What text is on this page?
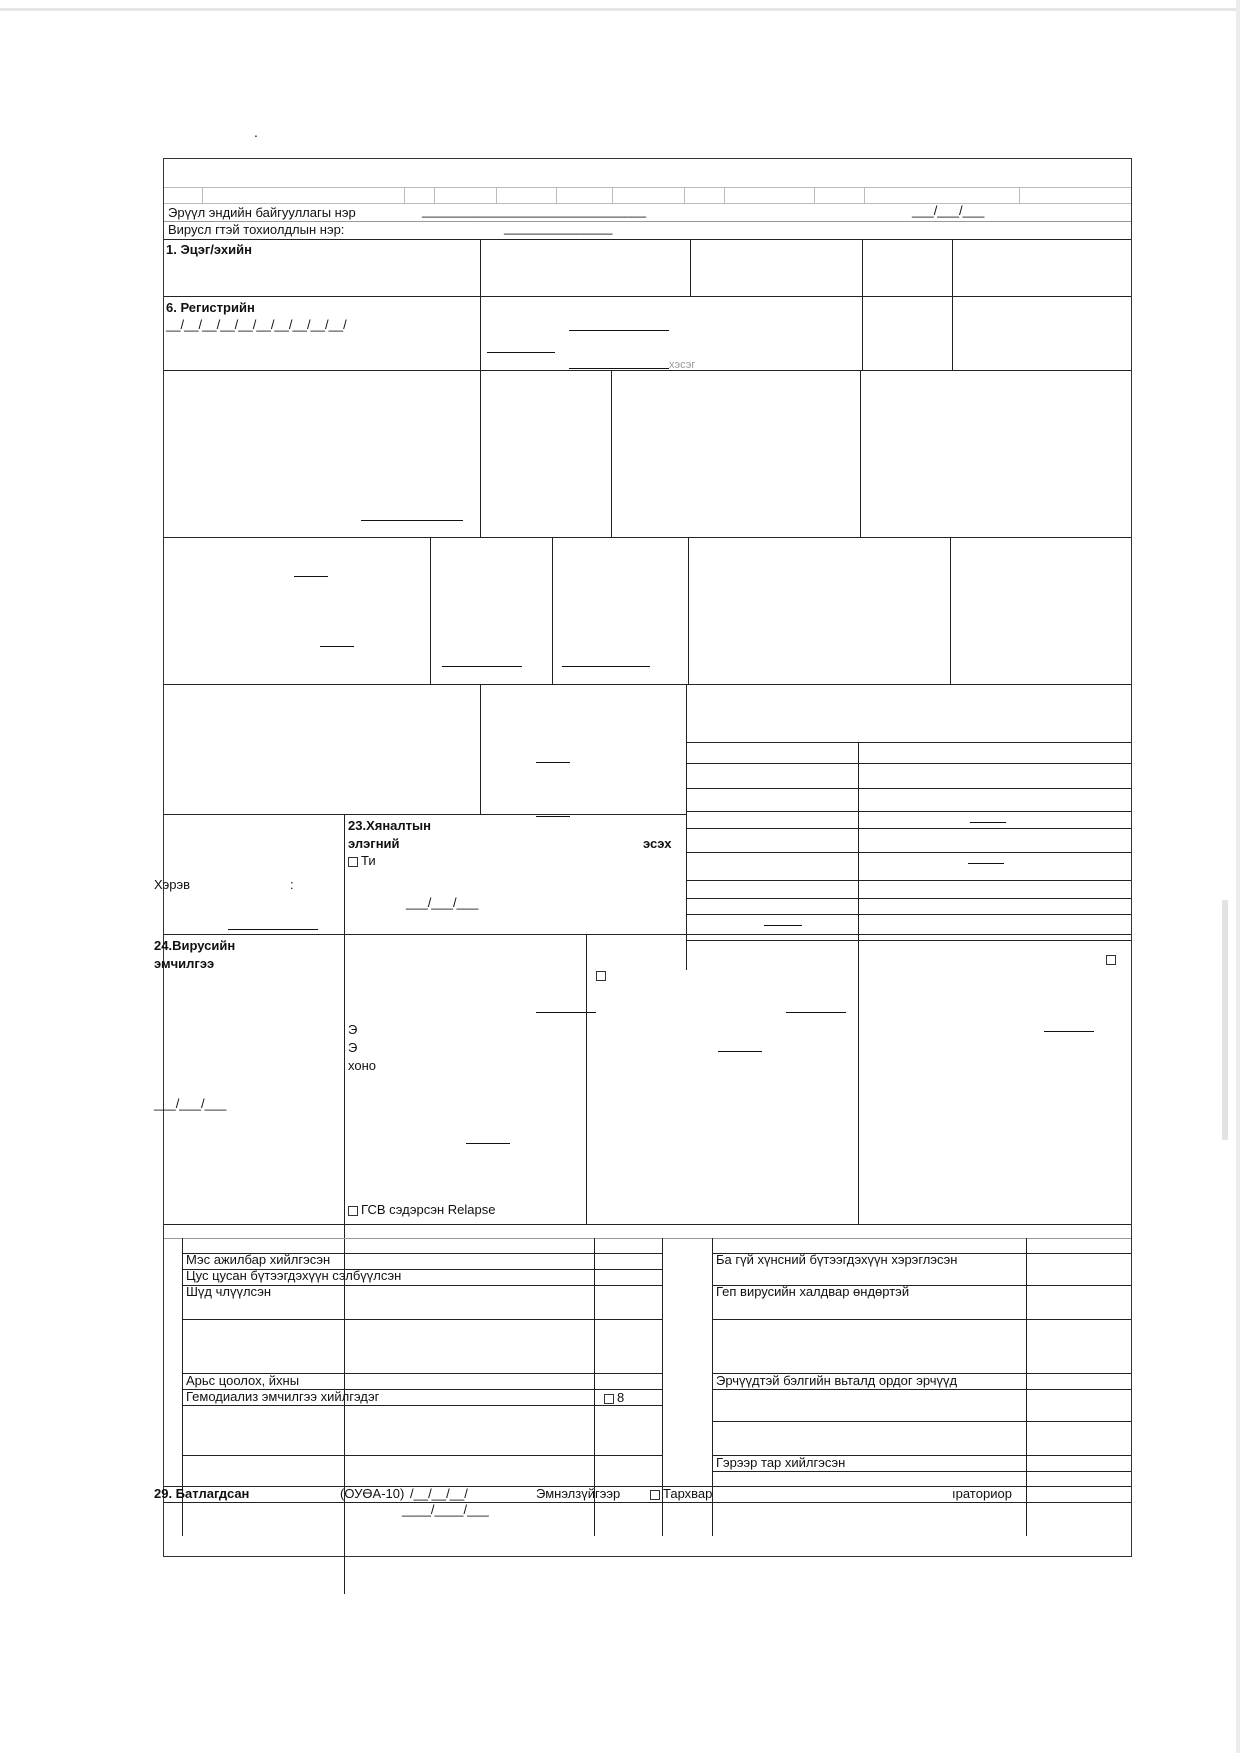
.
Эрүүл эндийн байгууллагы нэр	_______________________________	___/___/___
Вирусл гтэй тохиолдлын нэр:	_______________
1. Эцэг/эхийн
6. Регистрийн
__/__/__/__/__/__/__/__/__/__/
хэсэг
23.Хяналтын
элэгний	эсэх
Ти
Хэрэв	:
___/___/___
24.Вирусийн
эмчилгээ
___/___/___
Э
Э
хоно
ГСВ сэдэрсэн Relapse
Мэс ажилбар хийлгэсэн	Ба гүй хүнсний бүтээгдэхүүн хэрэглэсэн
Цус цусан бүтээгдэхүүн сэлбүүлсэн
Шүд члүүлсэн	Геп вирусийн халдвар өндөртэй
Арьс цоолох, йхны	Эрчүүдтэй бэлгийн вьталд ордог эрчүүд
Гемодиализ эмчилгээ хийлгэдэг	8
Гэрээр тар хийлгэсэн
29. Батлагдсан	(ОУӨА-10) /__/__/__/	Эмнэлзүйгээр	Тархвар	ıратoриор
____/____/___
